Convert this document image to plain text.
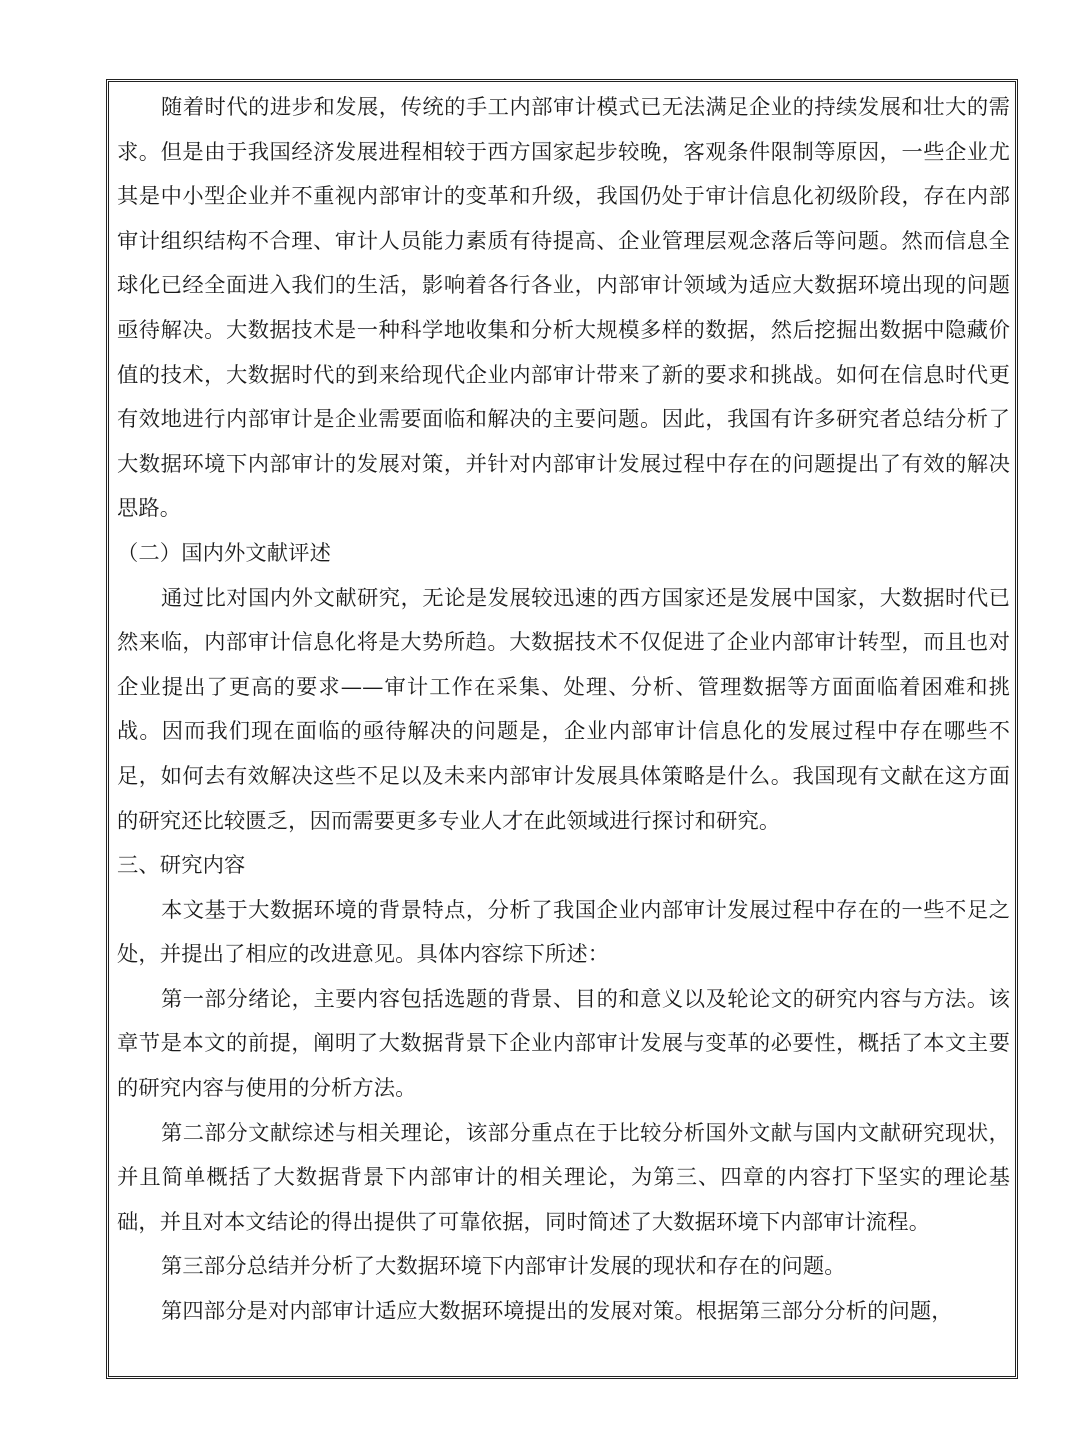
随着时代的进步和发展，传统的手工内部审计模式已无法满足企业的持续发展和壮大的需求。但是由于我国经济发展进程相较于西方国家起步较晚，客观条件限制等原因，一些企业尤其是中小型企业并不重视内部审计的变革和升级，我国仍处于审计信息化初级阶段，存在内部审计组织结构不合理、审计人员能力素质有待提高、企业管理层观念落后等问题。然而信息全球化已经全面进入我们的生活，影响着各行各业，内部审计领域为适应大数据环境出现的问题亟待解决。大数据技术是一种科学地收集和分析大规模多样的数据，然后挖掘出数据中隐藏价值的技术，大数据时代的到来给现代企业内部审计带来了新的要求和挑战。如何在信息时代更有效地进行内部审计是企业需要面临和解决的主要问题。因此，我国有许多研究者总结分析了大数据环境下内部审计的发展对策，并针对内部审计发展过程中存在的问题提出了有效的解决思路。

（二）国内外文献评述

通过比对国内外文献研究，无论是发展较迅速的西方国家还是发展中国家，大数据时代已然来临，内部审计信息化将是大势所趋。大数据技术不仅促进了企业内部审计转型，而且也对企业提出了更高的要求——审计工作在采集、处理、分析、管理数据等方面面临着困难和挑战。因而我们现在面临的亟待解决的问题是，企业内部审计信息化的发展过程中存在哪些不足，如何去有效解决这些不足以及未来内部审计发展具体策略是什么。我国现有文献在这方面的研究还比较匮乏，因而需要更多专业人才在此领域进行探讨和研究。

三、研究内容

本文基于大数据环境的背景特点，分析了我国企业内部审计发展过程中存在的一些不足之处，并提出了相应的改进意见。具体内容综下所述：

第一部分绪论，主要内容包括选题的背景、目的和意义以及轮论文的研究内容与方法。该章节是本文的前提，阐明了大数据背景下企业内部审计发展与变革的必要性，概括了本文主要的研究内容与使用的分析方法。

第二部分文献综述与相关理论，该部分重点在于比较分析国外文献与国内文献研究现状，并且简单概括了大数据背景下内部审计的相关理论，为第三、四章的内容打下坚实的理论基础，并且对本文结论的得出提供了可靠依据，同时简述了大数据环境下内部审计流程。

第三部分总结并分析了大数据环境下内部审计发展的现状和存在的问题。

第四部分是对内部审计适应大数据环境提出的发展对策。根据第三部分分析的问题，
